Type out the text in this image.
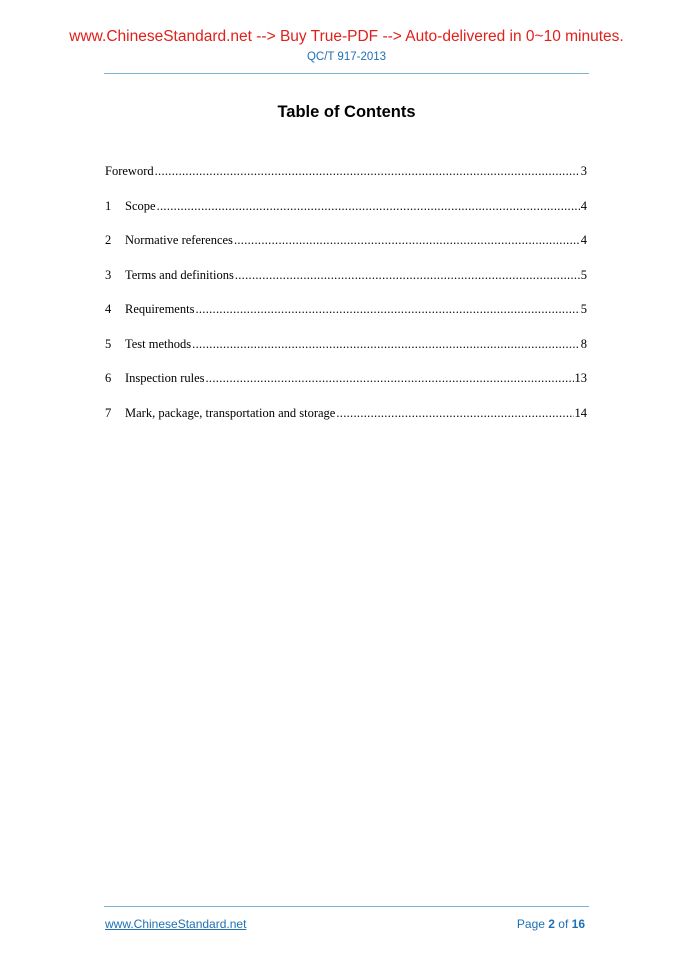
www.ChineseStandard.net --> Buy True-PDF --> Auto-delivered in 0~10 minutes.
QC/T 917-2013
Table of Contents
Foreword .....	3
1	Scope .....	4
2	Normative references .....	4
3	Terms and definitions .....	5
4	Requirements .....	5
5	Test methods .....	8
6	Inspection rules .....	13
7	Mark, package, transportation and storage .....	14
www.ChineseStandard.net	Page 2 of 16
